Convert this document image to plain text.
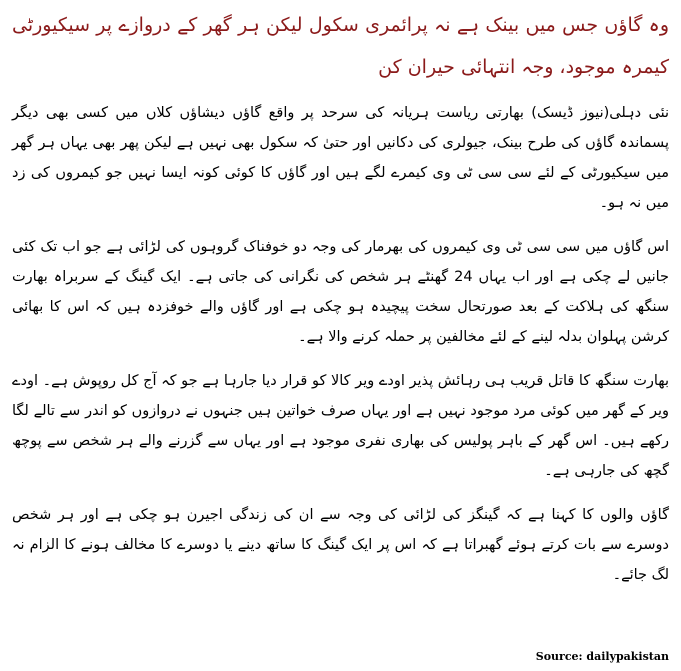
وہ گاؤں جس میں بینک ہے نہ پرائمری سکول لیکن ہر گھر کے دروازے پر سیکیورٹی کیمرہ موجود، وجہ انتہائی حیران کن

نئی دہلی(نیوز ڈیسک) بھارتی ریاست ہریانہ کی سرحد پر واقع گاؤں دیشاؤں کلاں میں کسی بھی دیگر پسماندہ گاؤں کی طرح بینک، جیولری کی دکانیں اور حتیٰ کہ سکول بھی نہیں ہے لیکن پھر بھی یہاں ہر گھر میں سیکیورٹی کے لئے سی سی ٹی وی کیمرے لگے ہیں اور گاؤں کا کوئی کونہ ایسا نہیں جو کیمروں کی زد میں نہ ہو۔

اس گاؤں میں سی سی ٹی وی کیمروں کی بھرمار کی وجہ دو خوفناک گروہوں کی لڑائی ہے جو اب تک کئی جانیں لے چکی ہے اور اب یہاں 24 گھنٹے ہر شخص کی نگرانی کی جاتی ہے۔ ایک گینگ کے سربراہ بھارت سنگھ کی ہلاکت کے بعد صورتحال سخت پیچیدہ ہو چکی ہے اور گاؤں والے خوفزدہ ہیں کہ اس کا بھائی کرشن پہلوان بدلہ لینے کے لئے مخالفین پر حملہ کرنے والا ہے۔

بھارت سنگھ کا قاتل قریب ہی رہائش پذیر اودے ویر کالا کو قرار دیا جارہا ہے جو کہ آج کل روپوش ہے۔ اودے ویر کے گھر میں کوئی مرد موجود نہیں ہے اور یہاں صرف خواتین ہیں جنہوں نے دروازوں کو اندر سے تالے لگا رکھے ہیں۔ اس گھر کے باہر پولیس کی بھاری نفری موجود ہے اور یہاں سے گزرنے والے ہر شخص سے پوچھ گچھ کی جارہی ہے۔

گاؤں والوں کا کہنا ہے کہ گینگز کی لڑائی کی وجہ سے ان کی زندگی اجیرن ہو چکی ہے اور ہر شخص دوسرے سے بات کرتے ہوئے گھبراتا ہے کہ اس پر ایک گینگ کا ساتھ دینے یا دوسرے کا مخالف ہونے کا الزام نہ لگ جائے۔

Source: dailypakistan
